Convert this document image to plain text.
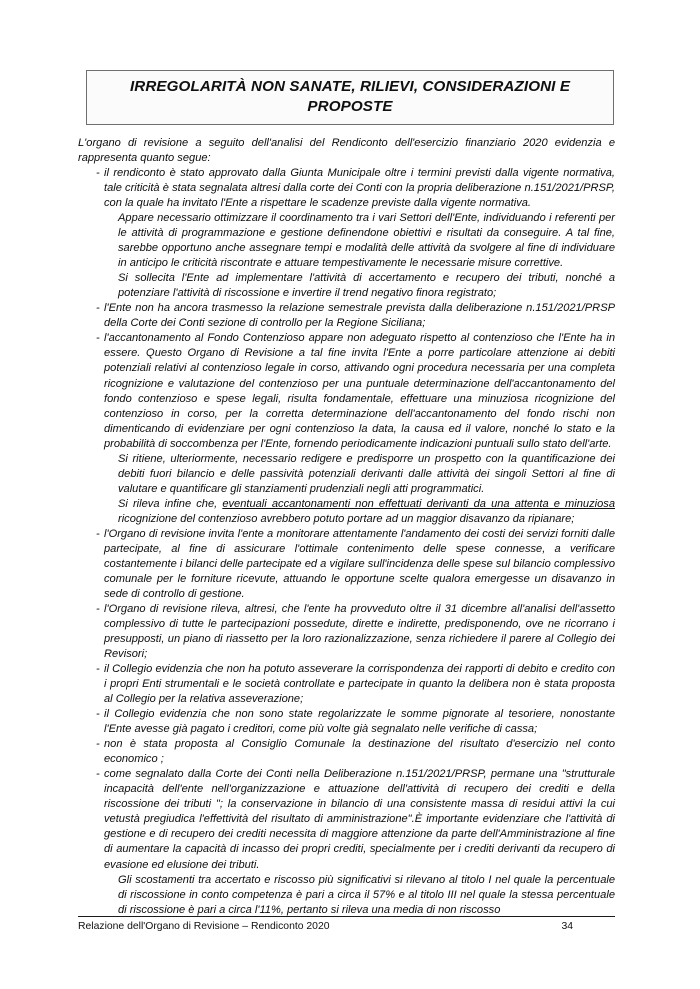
IRREGOLARITÀ NON SANATE, RILIEVI, CONSIDERAZIONI E PROPOSTE

L'organo di revisione a seguito dell'analisi del Rendiconto dell'esercizio finanziario 2020 evidenzia e rappresenta quanto segue:

- il rendiconto è stato approvato dalla Giunta Municipale oltre i termini previsti dalla vigente normativa, tale criticità è stata segnalata altresi dalla corte dei Conti con la propria deliberazione n.151/2021/PRSP, con la quale ha invitato l'Ente a rispettare le scadenze previste dalla vigente normativa.

Appare necessario ottimizzare il coordinamento tra i vari Settori dell'Ente, individuando i referenti per le attività di programmazione e gestione definendone obiettivi e risultati da conseguire. A tal fine, sarebbe opportuno anche assegnare tempi e modalità delle attività da svolgere al fine di individuare in anticipo le criticità riscontrate e attuare tempestivamente le necessarie misure correttive.

Si sollecita l'Ente ad implementare l'attività di accertamento e recupero dei tributi, nonché a potenziare l'attività di riscossione e invertire il trend negativo finora registrato;

- l'Ente non ha ancora trasmesso la relazione semestrale prevista dalla deliberazione n.151/2021/PRSP della Corte dei Conti sezione di controllo per la Regione Siciliana;
- l'accantonamento al Fondo Contenzioso appare non adeguato rispetto al contenzioso che l'Ente ha in essere. Questo Organo di Revisione a tal fine invita l'Ente a porre particolare attenzione ai debiti potenziali relativi al contenzioso legale in corso, attivando ogni procedura necessaria per una completa ricognizione e valutazione del contenzioso per una puntuale determinazione dell'accantonamento del fondo contenzioso e spese legali, risulta fondamentale, effettuare una minuziosa ricognizione del contenzioso in corso, per la corretta determinazione dell'accantonamento del fondo rischi non dimenticando di evidenziare per ogni contenzioso la data, la causa ed il valore, nonché lo stato e la probabilità di soccombenza per l'Ente, fornendo periodicamente indicazioni puntuali sullo stato dell'arte.

Si ritiene, ulteriormente, necessario redigere e predisporre un prospetto con la quantificazione dei debiti fuori bilancio e delle passività potenziali derivanti dalle attività dei singoli Settori al fine di valutare e quantificare gli stanziamenti prudenziali negli atti programmatici.

Si rileva infine che, eventuali accantonamenti non effettuati derivanti da una attenta e minuziosa ricognizione del contenzioso avrebbero potuto portare ad un maggior disavanzo da ripianare;

- l'Organo di revisione invita l'ente a monitorare attentamente l'andamento dei costi dei servizi forniti dalle partecipate, al fine di assicurare l'ottimale contenimento delle spese connesse, a verificare costantemente i bilanci delle partecipate ed a vigilare sull'incidenza delle spese sul bilancio complessivo comunale per le forniture ricevute, attuando le opportune scelte qualora emergesse un disavanzo in sede di controllo di gestione.
- l'Organo di revisione rileva, altresi, che l'ente ha provveduto oltre il 31 dicembre all'analisi dell'assetto complessivo di tutte le partecipazioni possedute, dirette e indirette, predisponendo, ove ne ricorrano i presupposti, un piano di riassetto per la loro razionalizzazione, senza richiedere il parere al Collegio dei Revisori;
- il Collegio evidenzia che non ha potuto asseverare la corrispondenza dei rapporti di debito e credito con i propri Enti strumentali e le società controllate e partecipate in quanto la delibera non è stata proposta al Collegio per la relativa asseverazione;
- il Collegio evidenzia che non sono state regolarizzate le somme pignorate al tesoriere, nonostante l'Ente avesse già pagato i creditori, come più volte già segnalato nelle verifiche di cassa;
- non è stata proposta al Consiglio Comunale la destinazione del risultato d'esercizio nel conto economico ;
- come segnalato dalla Corte dei Conti nella Deliberazione n.151/2021/PRSP, permane una "strutturale incapacità dell'ente nell'organizzazione e attuazione dell'attività di recupero dei crediti e della riscossione dei tributi "; la conservazione in bilancio di una consistente massa di residui attivi la cui vetustà pregiudica l'effettività del risultato di amministrazione".È importante evidenziare che l'attività di gestione e di recupero dei crediti necessita di maggiore attenzione da parte dell'Amministrazione al fine di aumentare la capacità di incasso dei propri crediti, specialmente per i crediti derivanti da recupero di evasione ed elusione dei tributi.

Gli scostamenti tra accertato e riscosso più significativi si rilevano al titolo I nel quale la percentuale di riscossione in conto competenza è pari a circa il 57% e al titolo III nel quale la stessa percentuale di riscossione è pari a circa l'11%, pertanto si rileva una media di non riscosso

Relazione dell'Organo di Revisione – Rendiconto 2020	34
